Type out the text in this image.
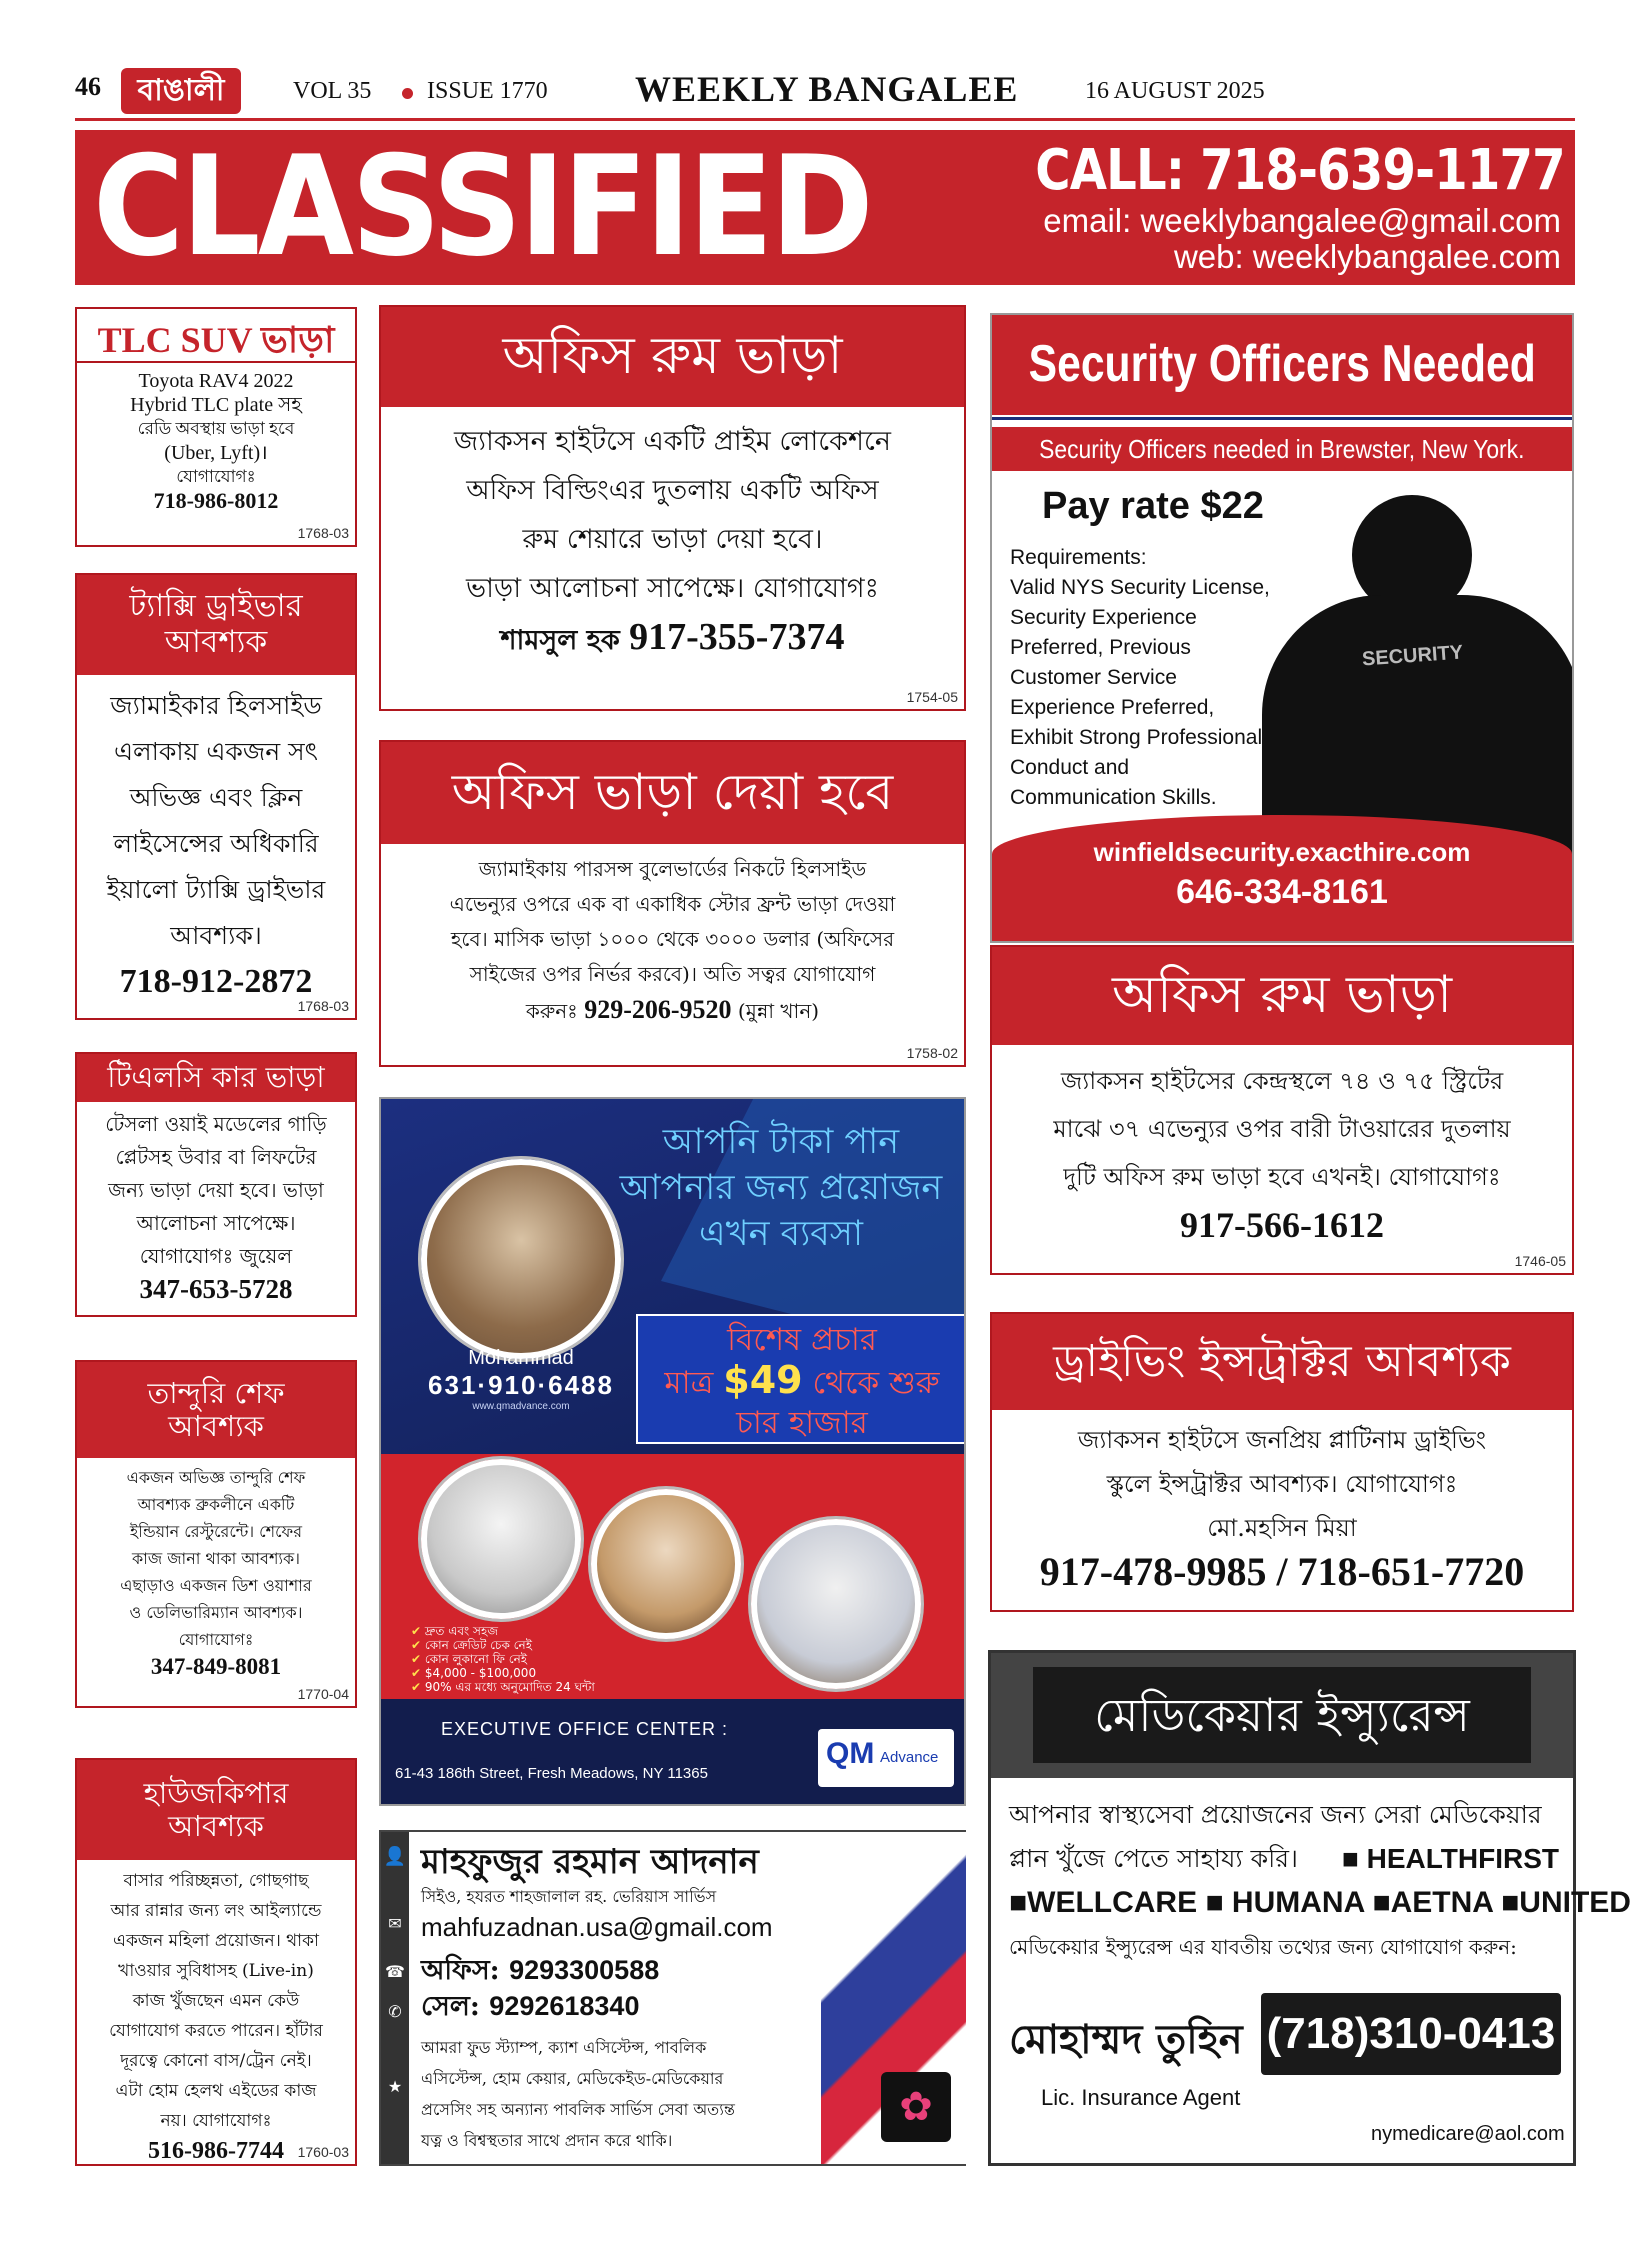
46	বাঙালী	VOL 35 ISSUE 1770 WEEKLY BANGALEE	16 AUGUST 2025
CLASSIFIED	CALL: 718-639-1177
email: weeklybangalee@gmail.com
web: weeklybangalee.com
TLC SUV ভাড়া
Toyota RAV4 2022
Hybrid TLC plate সহ
রেডি অবস্থায় ভাড়া হবে
(Uber, Lyft)।
যোগাযোগঃ
718-986-8012
1768-03
ট্যাক্সি ড্রাইভার
আবশ্যক
জ্যামাইকার হিলসাইড
এলাকায় একজন সৎ
অভিজ্ঞ এবং ক্লিন
লাইসেন্সের অধিকারি
ইয়ালো ট্যাক্সি ড্রাইভার
আবশ্যক।
718-912-2872
1768-03
টিএলসি কার ভাড়া
টেসলা ওয়াই মডেলের গাড়ি
প্লেটসহ উবার বা লিফটের
জন্য ভাড়া দেয়া হবে। ভাড়া
আলোচনা সাপেক্ষে।
যোগাযোগঃ জুয়েল
347-653-5728
তান্দুরি শেফ
আবশ্যক
একজন অভিজ্ঞ তান্দুরি শেফ
আবশ্যক ব্রুকলীনে একটি
ইন্ডিয়ান রেস্টুরেন্টে। শেফের
কাজ জানা থাকা আবশ্যক।
এছাড়াও একজন ডিশ ওয়াশার
ও ডেলিভারিম্যান আবশ্যক।
যোগাযোগঃ
347-849-8081
1770-04
হাউজকিপার
আবশ্যক
বাসার পরিচ্ছন্নতা, গোছগাছ
আর রান্নার জন্য লং আইল্যান্ডে
একজন মহিলা প্রয়োজন। থাকা
খাওয়ার সুবিধাসহ (Live-in)
কাজ খুঁজছেন এমন কেউ
যোগাযোগ করতে পারেন। হাঁটার
দূরত্বে কোনো বাস/ট্রেন নেই।
এটা হোম হেলথ এইডের কাজ
নয়। যোগাযোগঃ
516-986-7744 1760-03
অফিস রুম ভাড়া
জ্যাকসন হাইটসে একটি প্রাইম লোকেশনে
অফিস বিল্ডিংএর দুতলায় একটি অফিস
রুম শেয়ারে ভাড়া দেয়া হবে।
ভাড়া আলোচনা সাপেক্ষে। যোগাযোগঃ
শামসুল হক 917-355-7374
1754-05
অফিস ভাড়া দেয়া হবে
জ্যামাইকায় পারসন্স বুলেভার্ডের নিকটে হিলসাইড
এভেন্যুর ওপরে এক বা একাধিক স্টোর ফ্রন্ট ভাড়া দেওয়া
হবে। মাসিক ভাড়া ১০০০ থেকে ৩০০০ ডলার (অফিসের
সাইজের ওপর নির্ভর করবে)। অতি সত্বর যোগাযোগ
করুনঃ 929-206-9520 (মুন্না খান)
1758-02
আপনি টাকা পান
আপনার জন্য প্রয়োজন
এখন ব্যবসা
Mohammad
631·910·6488
www.qmadvance.com
বিশেষ প্রচার
মাত্র $49 থেকে শুরু
চার হাজার
✔ দ্রুত এবং সহজ
✔ কোন ক্রেডিট চেক নেই
✔ কোন লুকানো ফি নেই
✔ $4,000 - $100,000
✔ 90% এর মধ্যে অনুমোদিত 24 ঘন্টা
EXECUTIVE OFFICE CENTER :
61-43 186th Street, Fresh Meadows, NY 11365
QM Advance
👤
✉
☎
✆
★	✿
মাহফুজুর রহমান আদনান
সিইও, হযরত শাহজালাল রহ. ভেরিয়াস সার্ভিস
mahfuzadnan.usa@gmail.com
অফিস: 9293300588
সেল: 9292618340
আমরা ফুড স্ট্যাম্প, ক্যাশ এসিস্টেন্স, পাবলিক
এসিস্টেন্স, হোম কেয়ার, মেডিকেইড-মেডিকেয়ার
প্রসেসিং সহ অন্যান্য পাবলিক সার্ভিস সেবা অত্যন্ত
যত্ন ও বিশ্বস্থতার সাথে প্রদান করে থাকি।
Security Officers Needed
Security Officers needed in Brewster, New York.
SECURITY
Pay rate $22
Requirements:
Valid NYS Security License,
Security Experience
Preferred, Previous
Customer Service
Experience Preferred,
Exhibit Strong Professional
Conduct and
Communication Skills.
winfieldsecurity.exacthire.com
646-334-8161
অফিস রুম ভাড়া
জ্যাকসন হাইটসের কেন্দ্রস্থলে ৭৪ ও ৭৫ স্ট্রিটের
মাঝে ৩৭ এভেন্যুর ওপর বারী টাওয়ারের দুতলায়
দুটি অফিস রুম ভাড়া হবে এখনই। যোগাযোগঃ
917-566-1612
1746-05
ড্রাইভিং ইন্সট্রাক্টর আবশ্যক
জ্যাকসন হাইটসে জনপ্রিয় প্লাটিনাম ড্রাইভিং
স্কুলে ইন্সট্রাক্টর আবশ্যক। যোগাযোগঃ
মো.মহসিন মিয়া
917-478-9985 / 718-651-7720
মেডিকেয়ার ইন্স্যুরেন্স
আপনার স্বাস্থ্যসেবা প্রয়োজনের জন্য সেরা মেডিকেয়ার
প্লান খুঁজে পেতে সাহায্য করি। ■ HEALTHFIRST
■WELLCARE ■ HUMANA ■AETNA ■UNITED
মেডিকেয়ার ইন্স্যুরেন্স এর যাবতীয় তথ্যের জন্য যোগাযোগ করুন:
মোহাম্মদ তুহিন (718)310-0413
Lic. Insurance Agent
nymedicare@aol.com
